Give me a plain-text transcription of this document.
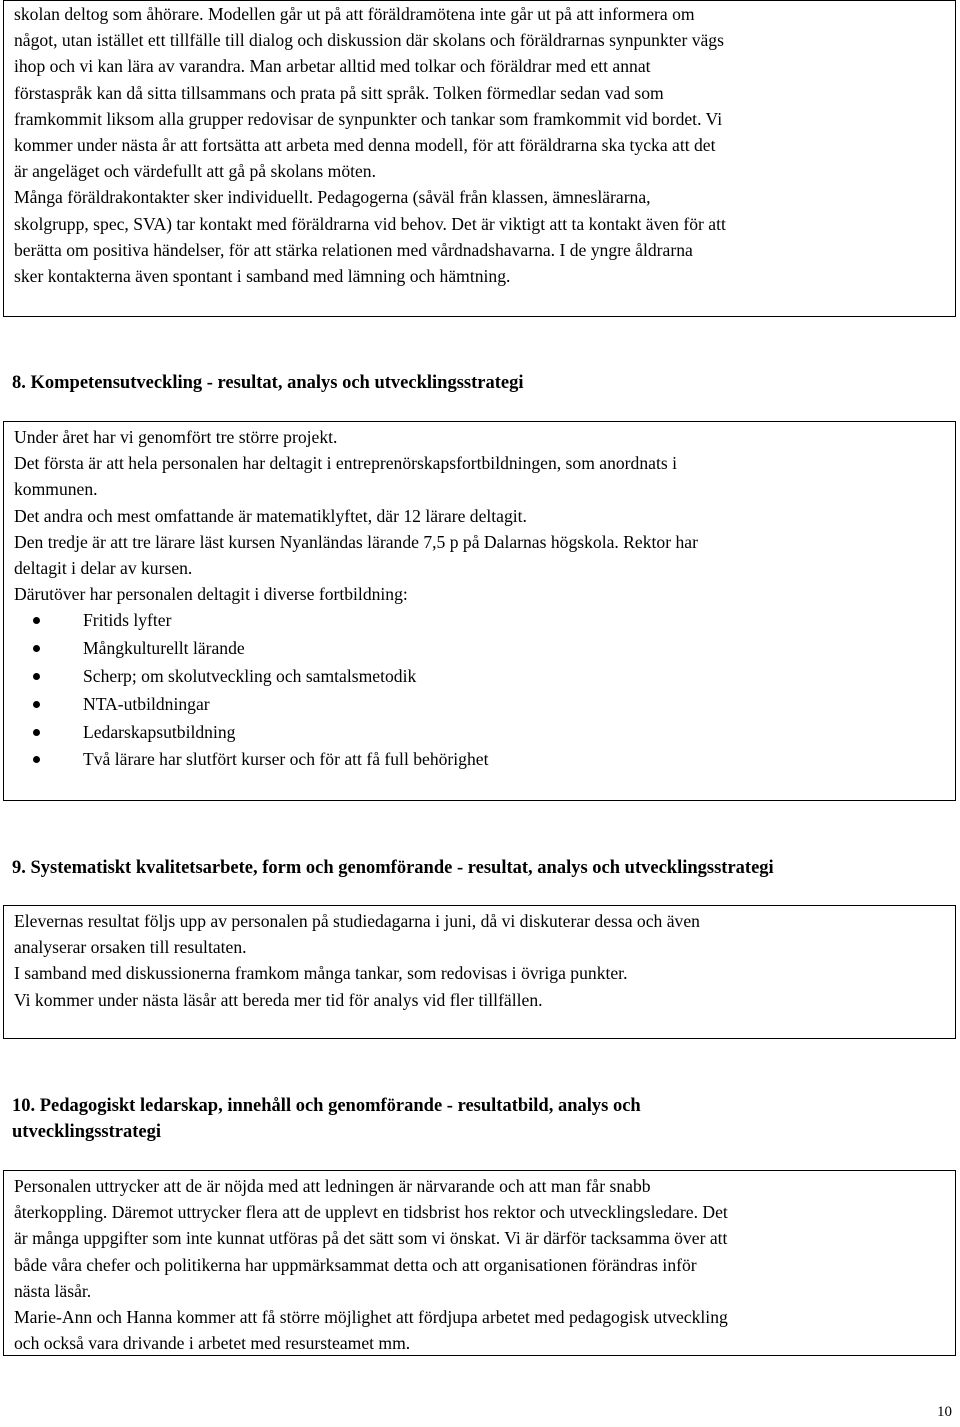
skolan deltog som åhörare. Modellen går ut på att föräldramötena inte går ut på att informera om

något, utan istället ett tillfälle till dialog och diskussion där skolans och föräldrarnas synpunkter vägs

ihop och vi kan lära av varandra. Man arbetar alltid med tolkar och föräldrar med ett annat

förstaspråk kan då sitta tillsammans och prata på sitt språk. Tolken förmedlar sedan vad som

framkommit liksom alla grupper redovisar de synpunkter och tankar som framkommit vid bordet. Vi

kommer under nästa år att fortsätta att arbeta med denna modell, för att föräldrarna ska tycka att det

är angeläget och värdefullt att gå på skolans möten.

Många föräldrakontakter sker individuellt. Pedagogerna (såväl från klassen, ämneslärarna,

skolgrupp, spec, SVA) tar kontakt med föräldrarna vid behov. Det är viktigt att ta kontakt även för att

berätta om positiva händelser, för att stärka relationen med vårdnadshavarna. I de yngre åldrarna

sker kontakterna även spontant i samband med lämning och hämtning.

8. Kompetensutveckling - resultat, analys och utvecklingsstrategi

Under året har vi genomfört tre större projekt.

Det första är att hela personalen har deltagit i entreprenörskapsfortbildningen, som anordnats i

kommunen.

Det andra och mest omfattande är matematiklyftet, där 12 lärare deltagit.

Den tredje är att tre lärare läst kursen Nyanländas lärande 7,5 p på Dalarnas högskola. Rektor har

deltagit i delar av kursen.

Därutöver har personalen deltagit i diverse fortbildning:

Fritids lyfter
Mångkulturellt lärande
Scherp; om skolutveckling och samtalsmetodik
NTA-utbildningar
Ledarskapsutbildning
Två lärare har slutfört kurser och för att få full behörighet
9. Systematiskt kvalitetsarbete, form och genomförande - resultat, analys och utvecklingsstrategi

Elevernas resultat följs upp av personalen på studiedagarna i juni, då vi diskuterar dessa och även

analyserar orsaken till resultaten.

I samband med diskussionerna framkom många tankar, som redovisas i övriga punkter.

Vi kommer under nästa läsår att bereda mer tid för analys vid fler tillfällen.

10. Pedagogiskt ledarskap, innehåll och genomförande - resultatbild, analys och
utvecklingsstrategi

Personalen uttrycker att de är nöjda med att ledningen är närvarande och att man får snabb

återkoppling. Däremot uttrycker flera att de upplevt en tidsbrist hos rektor och utvecklingsledare. Det

är många uppgifter som inte kunnat utföras på det sätt som vi önskat. Vi är därför tacksamma över att

både våra chefer och politikerna har uppmärksammat detta och att organisationen förändras inför

nästa läsår.

Marie-Ann och Hanna kommer att få större möjlighet att fördjupa arbetet med pedagogisk utveckling

och också vara drivande i arbetet med resursteamet mm.

10
